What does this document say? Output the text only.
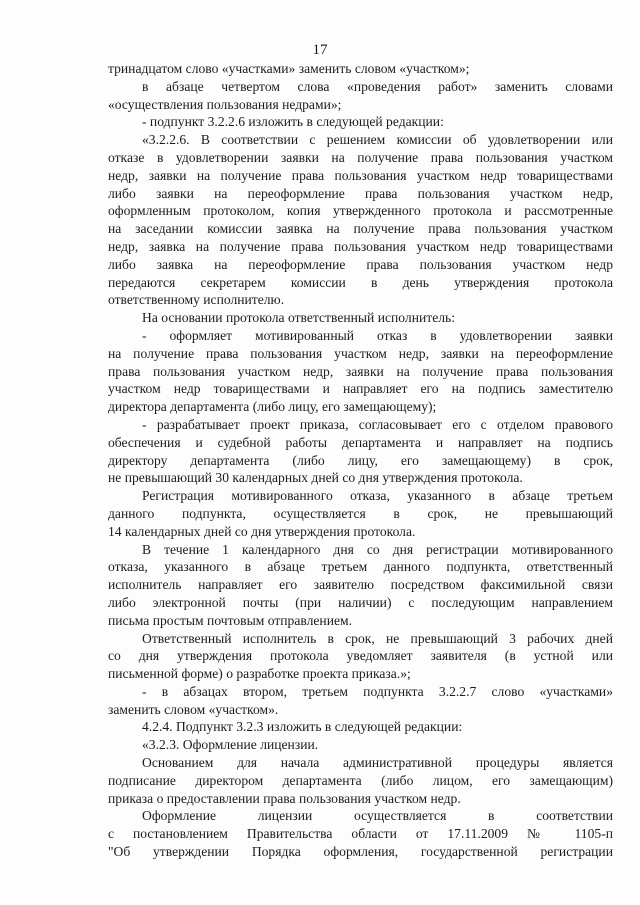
17
тринадцатом слово «участками» заменить словом «участком»;
в абзаце четвертом слова «проведения работ» заменить словами
«осуществления пользования недрами»;
- подпункт 3.2.2.6 изложить в следующей редакции:
«3.2.2.6. В соответствии с решением комиссии об удовлетворении или
отказе в удовлетворении заявки на получение права пользования участком
недр, заявки на получение права пользования участком недр товариществами
либо заявки на переоформление права пользования участком недр,
оформленным протоколом, копия утвержденного протокола и рассмотренные
на заседании комиссии заявка на получение права пользования участком
недр, заявка на получение права пользования участком недр товариществами
либо заявка на переоформление права пользования участком недр
передаются секретарем комиссии в день утверждения протокола
ответственному исполнителю.
На основании протокола ответственный исполнитель:
- оформляет мотивированный отказ в удовлетворении заявки
на получение права пользования участком недр, заявки на переоформление
права пользования участком недр, заявки на получение права пользования
участком недр товариществами и направляет его на подпись заместителю
директора департамента (либо лицу, его замещающему);
- разрабатывает проект приказа, согласовывает его с отделом правового
обеспечения и судебной работы департамента и направляет на подпись
директору департамента (либо лицу, его замещающему) в срок,
не превышающий 30 календарных дней со дня утверждения протокола.
Регистрация мотивированного отказа, указанного в абзаце третьем
данного подпункта, осуществляется в срок, не превышающий
14 календарных дней со дня утверждения протокола.
В течение 1 календарного дня со дня регистрации мотивированного
отказа, указанного в абзаце третьем данного подпункта, ответственный
исполнитель направляет его заявителю посредством факсимильной связи
либо электронной почты (при наличии) с последующим направлением
письма простым почтовым отправлением.
Ответственный исполнитель в срок, не превышающий 3 рабочих дней
со дня утверждения протокола уведомляет заявителя (в устной или
письменной форме) о разработке проекта приказа.»;
- в абзацах втором, третьем подпункта 3.2.2.7 слово «участками»
заменить словом «участком».
4.2.4. Подпункт 3.2.3 изложить в следующей редакции:
«3.2.3. Оформление лицензии.
Основанием для начала административной процедуры является
подписание директором департамента (либо лицом, его замещающим)
приказа о предоставлении права пользования участком недр.
Оформление лицензии осуществляется в соответствии
с постановлением Правительства области от 17.11.2009 № 1105-п
"Об утверждении Порядка оформления, государственной регистрации
